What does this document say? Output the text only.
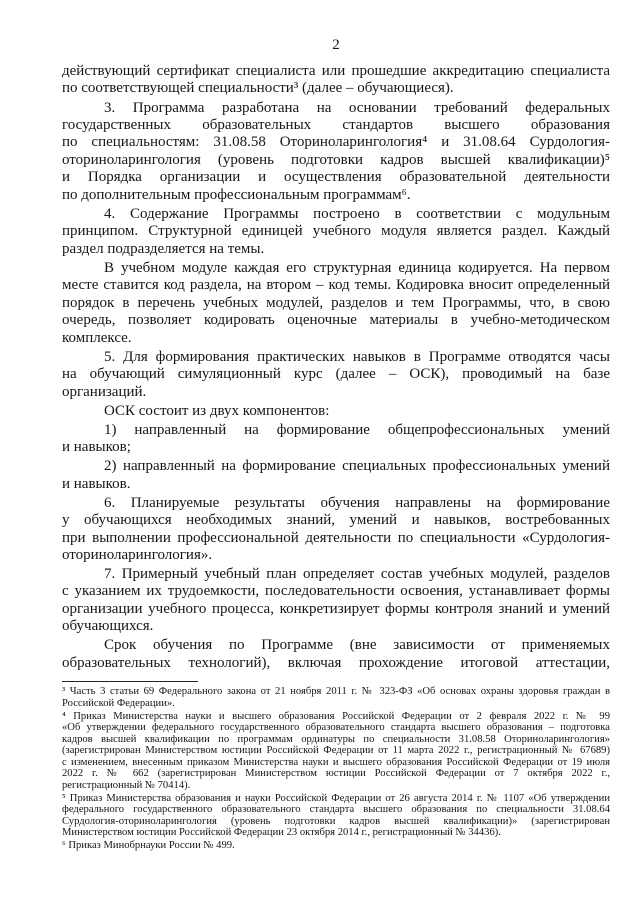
2
действующий сертификат специалиста или прошедшие аккредитацию специалиста
по соответствующей специальности³ (далее – обучающиеся).
3. Программа разработана на основании требований федеральных
государственных образовательных стандартов высшего образования
по специальностям: 31.08.58 Оториноларингология⁴ и 31.08.64 Сурдология-
оториноларингология (уровень подготовки кадров высшей квалификации)⁵
и Порядка организации и осуществления образовательной деятельности
по дополнительным профессиональным программам⁶.
4. Содержание Программы построено в соответствии с модульным
принципом. Структурной единицей учебного модуля является раздел. Каждый
раздел подразделяется на темы.
В учебном модуле каждая его структурная единица кодируется. На первом
месте ставится код раздела, на втором – код темы. Кодировка вносит определенный
порядок в перечень учебных модулей, разделов и тем Программы, что, в свою
очередь, позволяет кодировать оценочные материалы в учебно-методическом
комплексе.
5. Для формирования практических навыков в Программе отводятся часы
на обучающий симуляционный курс (далее – ОСК), проводимый на базе
организаций.
ОСК состоит из двух компонентов:
1) направленный на формирование общепрофессиональных умений
и навыков;
2) направленный на формирование специальных профессиональных умений
и навыков.
6. Планируемые результаты обучения направлены на формирование
у обучающихся необходимых знаний, умений и навыков, востребованных
при выполнении профессиональной деятельности по специальности «Сурдология-
оториноларингология».
7. Примерный учебный план определяет состав учебных модулей, разделов
с указанием их трудоемкости, последовательности освоения, устанавливает формы
организации учебного процесса, конкретизирует формы контроля знаний и умений
обучающихся.
Срок обучения по Программе (вне зависимости от применяемых
образовательных технологий), включая прохождение итоговой аттестации,
³ Часть 3 статьи 69 Федерального закона от 21 ноября 2011 г. № 323-ФЗ «Об основах охраны здоровья граждан в
Российской Федерации».
⁴ Приказ Министерства науки и высшего образования Российской Федерации от 2 февраля 2022 г. № 99
«Об утверждении федерального государственного образовательного стандарта высшего образования – подготовка
кадров высшей квалификации по программам ординатуры по специальности 31.08.58 Оториноларингология»
(зарегистрирован Министерством юстиции Российской Федерации от 11 марта 2022 г., регистрационный № 67689)
с изменением, внесенным приказом Министерства науки и высшего образования Российской Федерации от 19 июля
2022 г. № 662 (зарегистрирован Министерством юстиции Российской Федерации от 7 октября 2022 г.,
регистрационный № 70414).
⁵ Приказ Министерства образования и науки Российской Федерации от 26 августа 2014 г. № 1107 «Об утверждении
федерального государственного образовательного стандарта высшего образования по специальности 31.08.64
Сурдология-оториноларингология (уровень подготовки кадров высшей квалификации)» (зарегистрирован
Министерством юстиции Российской Федерации 23 октября 2014 г., регистрационный № 34436).
⁶ Приказ Минобрнауки России № 499.
